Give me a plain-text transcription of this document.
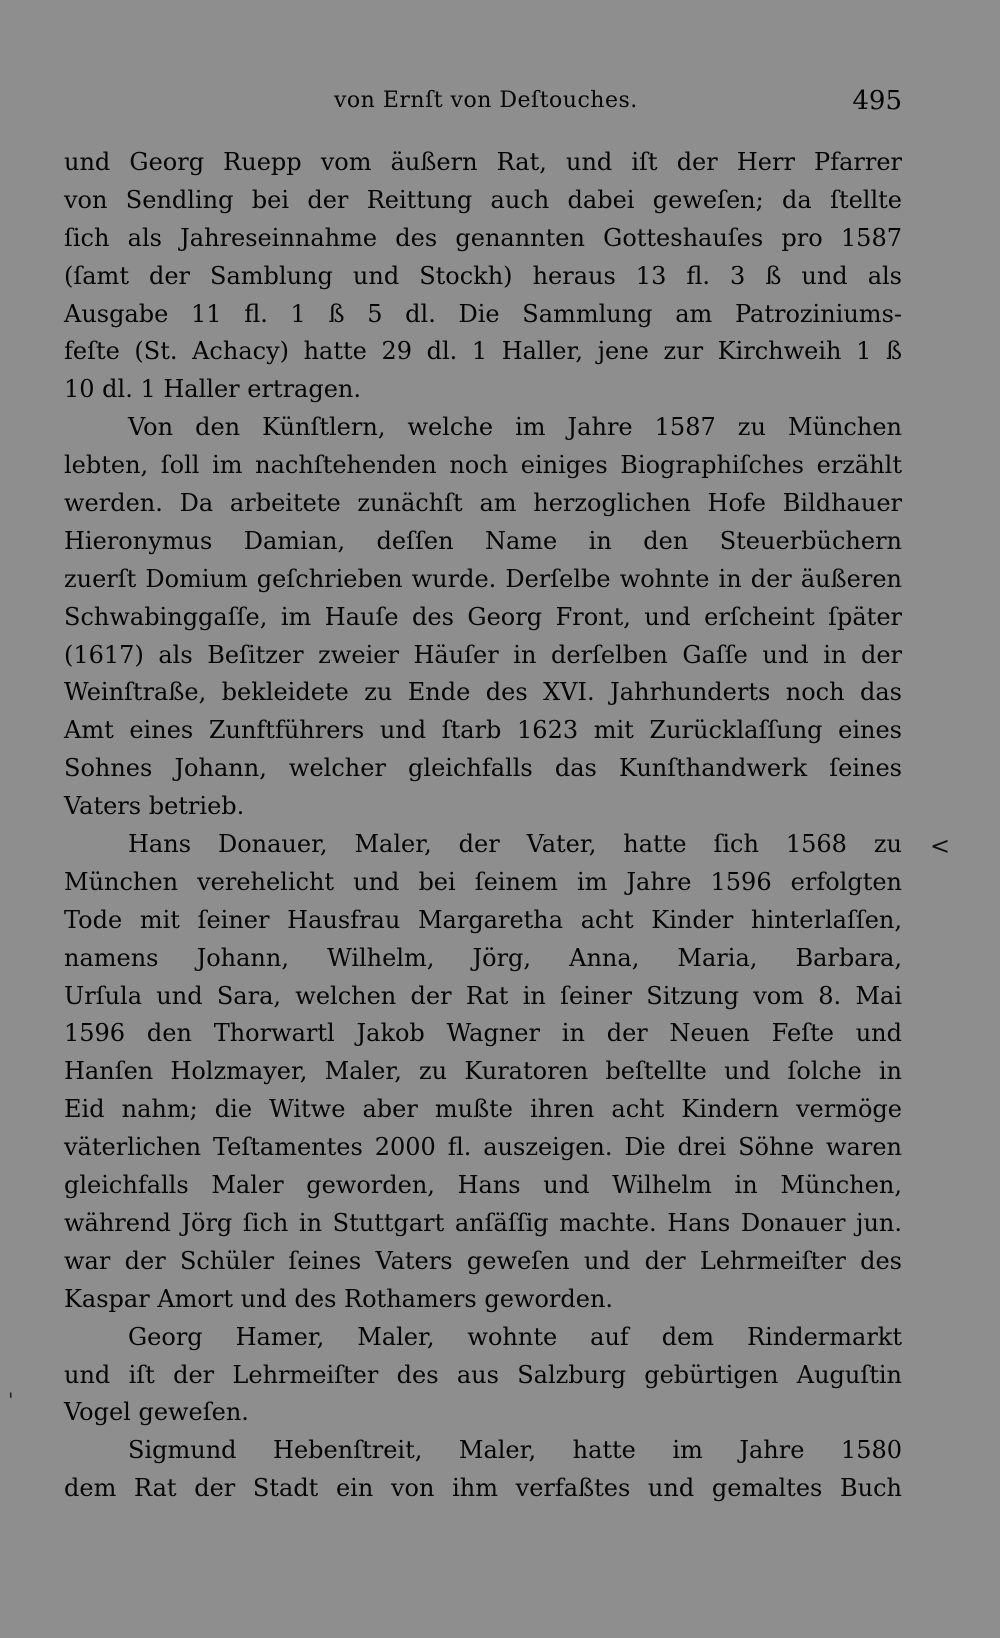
von Ernſt von Deſtouches.	495
und Georg Ruepp vom äußern Rat, und iſt der Herr Pfarrer
von Sendling bei der Reittung auch dabei geweſen; da ſtellte
ſich als Jahreseinnahme des genannten Gotteshauſes pro 1587
(ſamt der Samblung und Stockh) heraus 13 fl. 3 ß und als
Ausgabe 11 fl. 1 ß 5 dl. Die Sammlung am Patroziniums-
feſte (St. Achacy) hatte 29 dl. 1 Haller, jene zur Kirchweih 1 ß
10 dl. 1 Haller ertragen.
Von den Künſtlern, welche im Jahre 1587 zu München
lebten, ſoll im nachſtehenden noch einiges Biographiſches erzählt
werden. Da arbeitete zunächſt am herzoglichen Hofe Bildhauer
Hieronymus Damian, deſſen Name in den Steuerbüchern
zuerſt Domium geſchrieben wurde. Derſelbe wohnte in der äußeren
Schwabinggaſſe, im Hauſe des Georg Front, und erſcheint ſpäter
(1617) als Beſitzer zweier Häuſer in derſelben Gaſſe und in der
Weinſtraße, bekleidete zu Ende des XVI. Jahrhunderts noch das
Amt eines Zunftführers und ſtarb 1623 mit Zurücklaſſung eines
Sohnes Johann, welcher gleichfalls das Kunſthandwerk ſeines
Vaters betrieb.
Hans Donauer, Maler, der Vater, hatte ſich 1568 zu
München verehelicht und bei ſeinem im Jahre 1596 erfolgten
Tode mit ſeiner Hausfrau Margaretha acht Kinder hinterlaſſen,
namens Johann, Wilhelm, Jörg, Anna, Maria, Barbara,
Urſula und Sara, welchen der Rat in ſeiner Sitzung vom 8. Mai
1596 den Thorwartl Jakob Wagner in der Neuen Feſte und
Hanſen Holzmayer, Maler, zu Kuratoren beſtellte und ſolche in
Eid nahm; die Witwe aber mußte ihren acht Kindern vermöge
väterlichen Teſtamentes 2000 fl. auszeigen. Die drei Söhne waren
gleichfalls Maler geworden, Hans und Wilhelm in München,
während Jörg ſich in Stuttgart anſäſſig machte. Hans Donauer jun.
war der Schüler ſeines Vaters geweſen und der Lehrmeiſter des
Kaspar Amort und des Rothamers geworden.
Georg Hamer, Maler, wohnte auf dem Rindermarkt
und iſt der Lehrmeiſter des aus Salzburg gebürtigen Auguſtin
Vogel geweſen.
Sigmund Hebenſtreit, Maler, hatte im Jahre 1580
dem Rat der Stadt ein von ihm verfaßtes und gemaltes Buch
<
'
